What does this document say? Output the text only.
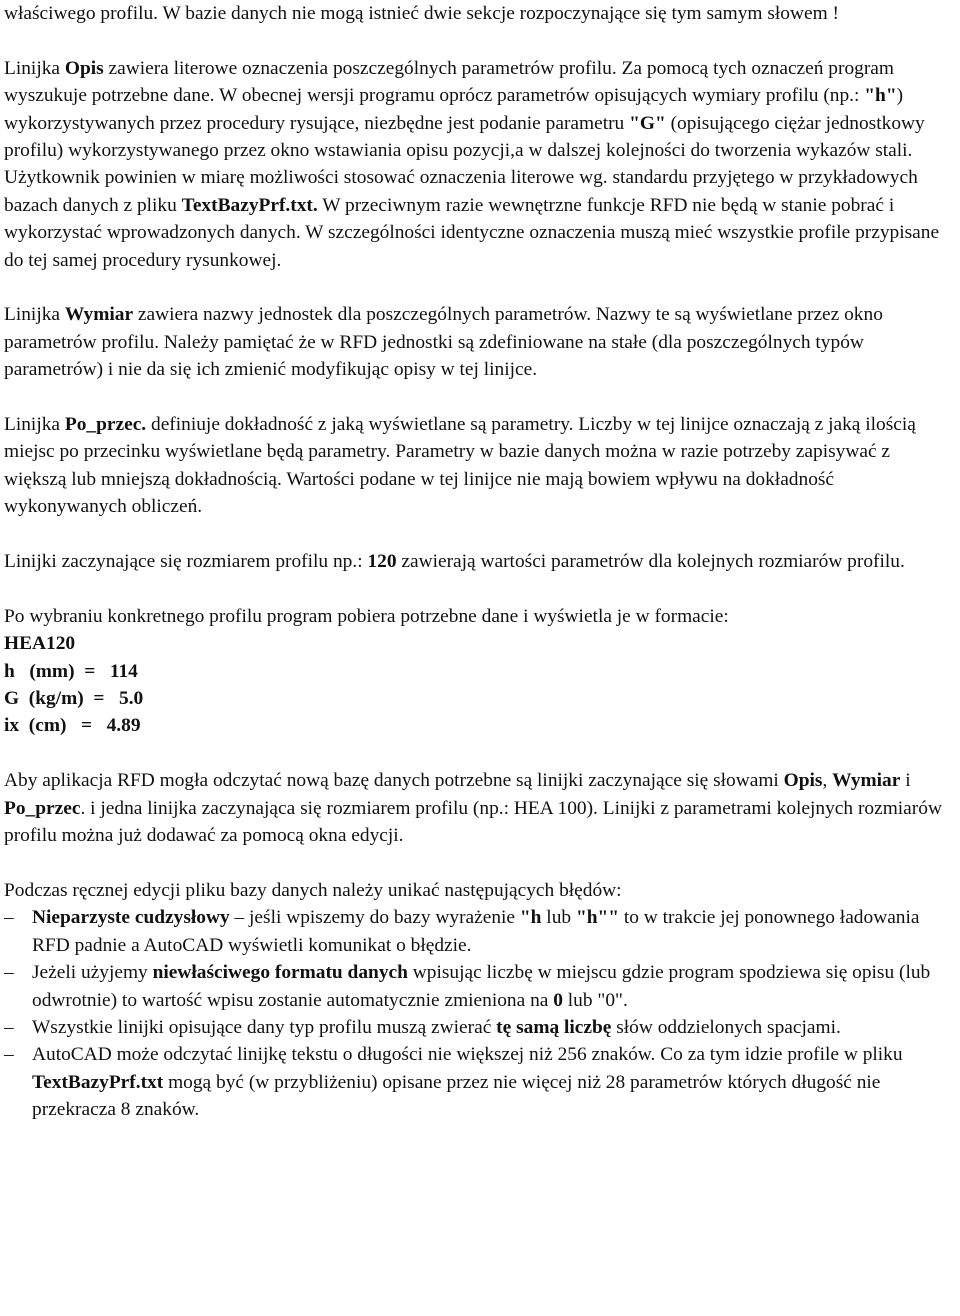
właściwego profilu. W bazie danych nie mogą istnieć dwie sekcje rozpoczynające się tym samym słowem !

Linijka Opis zawiera literowe oznaczenia poszczególnych parametrów profilu. Za pomocą tych oznaczeń program wyszukuje potrzebne dane. W obecnej wersji programu oprócz parametrów opisujących wymiary profilu (np.: "h") wykorzystywanych przez procedury rysujące, niezbędne jest podanie parametru "G" (opisującego ciężar jednostkowy profilu) wykorzystywanego przez okno wstawiania opisu pozycji,a w dalszej kolejności do tworzenia wykazów stali. Użytkownik powinien w miarę możliwości stosować oznaczenia literowe wg. standardu przyjętego w przykładowych bazach danych z pliku TextBazyPrf.txt. W przeciwnym razie wewnętrzne funkcje RFD nie będą w stanie pobrać i wykorzystać wprowadzonych danych. W szczególności identyczne oznaczenia muszą mieć wszystkie profile przypisane do tej samej procedury rysunkowej.

Linijka Wymiar zawiera nazwy jednostek dla poszczególnych parametrów. Nazwy te są wyświetlane przez okno parametrów profilu. Należy pamiętać że w RFD jednostki są zdefiniowane na stałe (dla poszczególnych typów parametrów) i nie da się ich zmienić modyfikując opisy w tej linijce.

Linijka Po_przec. definiuje dokładność z jaką wyświetlane są parametry. Liczby w tej linijce oznaczają z jaką ilością miejsc po przecinku wyświetlane będą parametry. Parametry w bazie danych można w razie potrzeby zapisywać z większą lub mniejszą dokładnością. Wartości podane w tej linijce nie mają bowiem wpływu na dokładność wykonywanych obliczeń.

Linijki zaczynające się rozmiarem profilu np.: 120 zawierają wartości parametrów dla kolejnych rozmiarów profilu.

Po wybraniu konkretnego profilu program pobiera potrzebne dane i wyświetla je w formacie:
HEA120
h   (mm)  =   114
G  (kg/m)  =   5.0
ix  (cm)   =   4.89

Aby aplikacja RFD mogła odczytać nową bazę danych potrzebne są linijki zaczynające się słowami Opis, Wymiar i Po_przec. i jedna linijka zaczynająca się rozmiarem profilu (np.: HEA 100). Linijki z parametrami kolejnych rozmiarów profilu można już dodawać za pomocą okna edycji.

Podczas ręcznej edycji pliku bazy danych należy unikać następujących błędów:

– Nieparzyste cudzysłowy – jeśli wpiszemy do bazy wyrażenie "h lub "h"" to w trakcie jej ponownego ładowania RFD padnie a AutoCAD wyświetli komunikat o błędzie.
– Jeżeli użyjemy niewłaściwego formatu danych wpisując liczbę w miejscu gdzie program spodziewa się opisu (lub odwrotnie) to wartość wpisu zostanie automatycznie zmieniona na 0 lub "0".
– Wszystkie linijki opisujące dany typ profilu muszą zwierać tę samą liczbę słów oddzielonych spacjami.
– AutoCAD może odczytać linijkę tekstu o długości nie większej niż 256 znaków. Co za tym idzie profile w pliku TextBazyPrf.txt mogą być (w przybliżeniu) opisane przez nie więcej niż 28 parametrów których długość nie przekracza 8 znaków.
